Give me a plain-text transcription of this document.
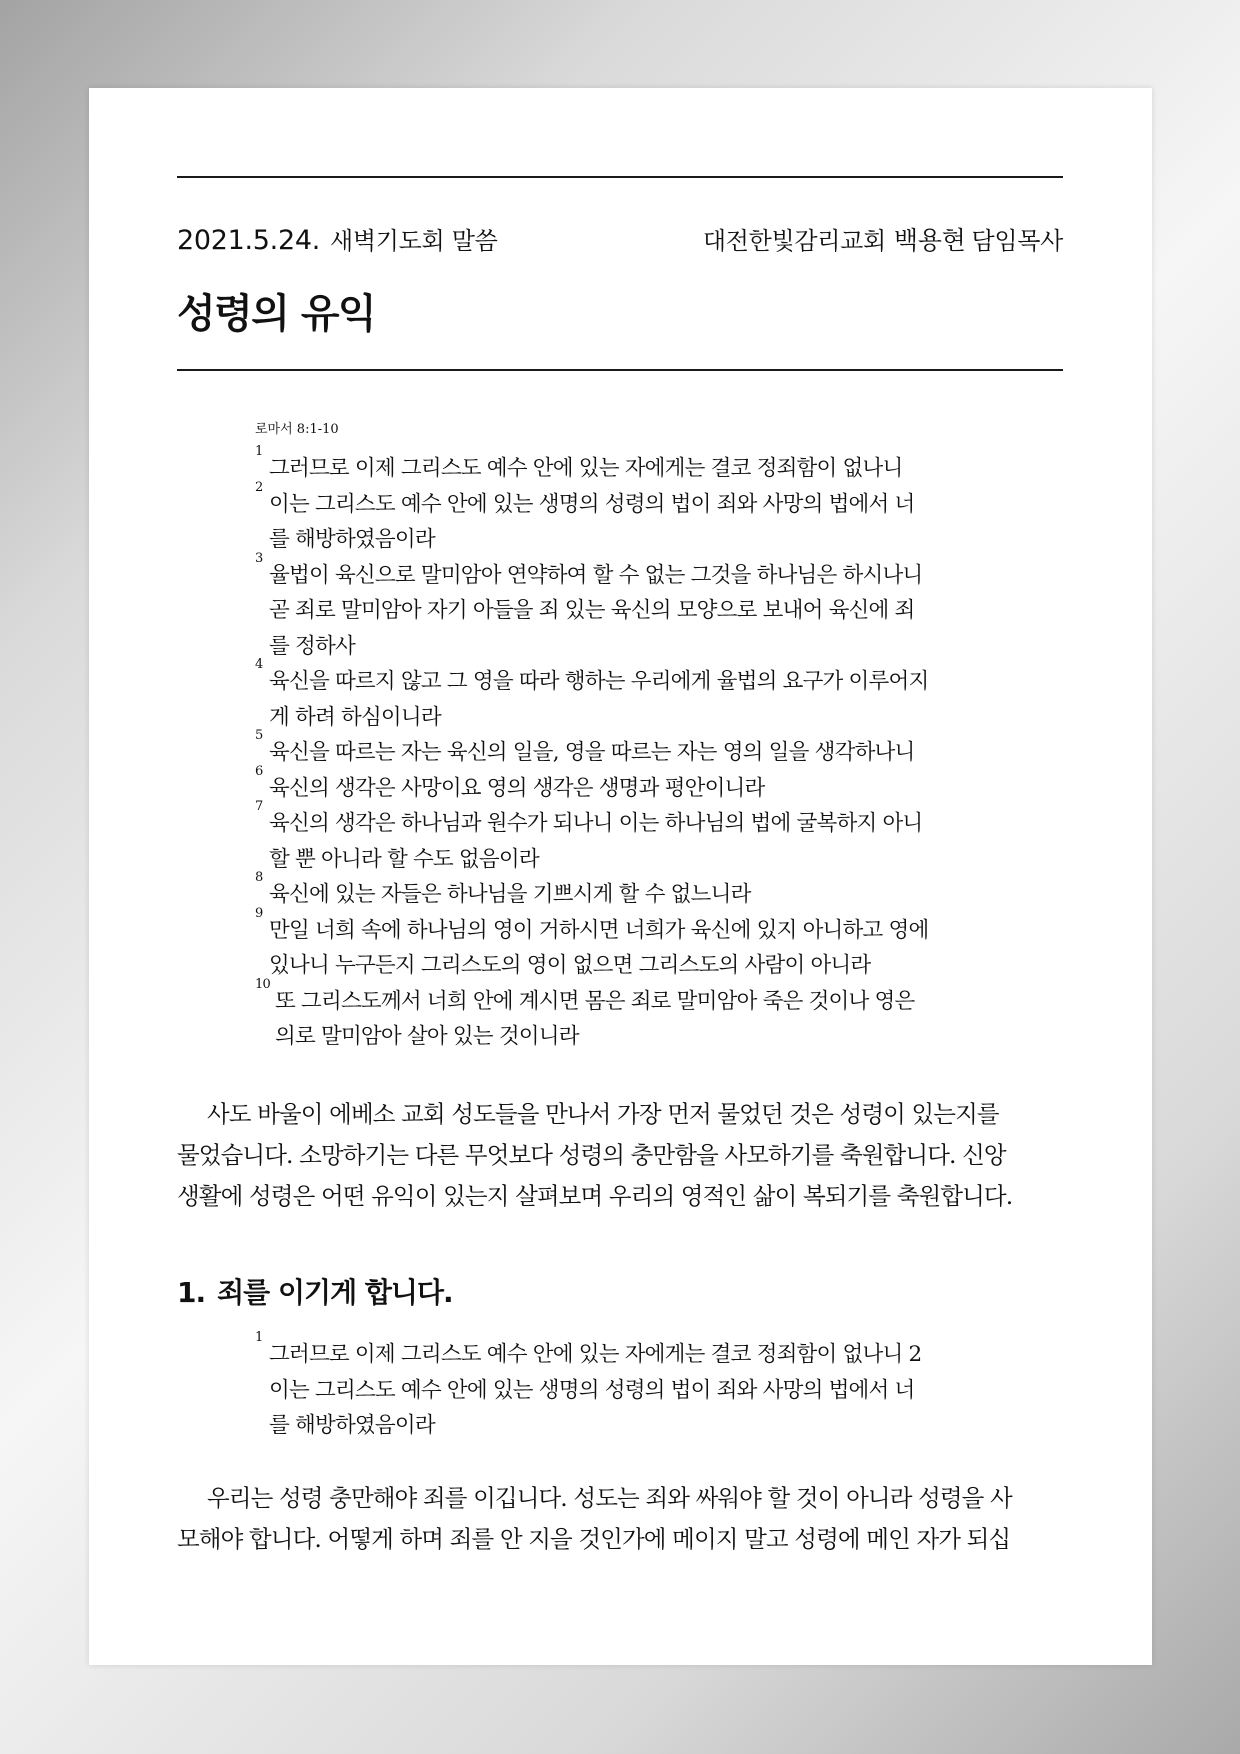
2021.5.24. 새벽기도회 말씀	대전한빛감리교회 백용현 담임목사
성령의 유익
로마서 8:1-10
1
그러므로 이제 그리스도 예수 안에 있는 자에게는 결코 정죄함이 없나니
2
이는 그리스도 예수 안에 있는 생명의 성령의 법이 죄와 사망의 법에서 너
를 해방하였음이라
3
율법이 육신으로 말미암아 연약하여 할 수 없는 그것을 하나님은 하시나니
곧 죄로 말미암아 자기 아들을 죄 있는 육신의 모양으로 보내어 육신에 죄
를 정하사
4
육신을 따르지 않고 그 영을 따라 행하는 우리에게 율법의 요구가 이루어지
게 하려 하심이니라
5
육신을 따르는 자는 육신의 일을, 영을 따르는 자는 영의 일을 생각하나니
6
육신의 생각은 사망이요 영의 생각은 생명과 평안이니라
7
육신의 생각은 하나님과 원수가 되나니 이는 하나님의 법에 굴복하지 아니
할 뿐 아니라 할 수도 없음이라
8
육신에 있는 자들은 하나님을 기쁘시게 할 수 없느니라
9
만일 너희 속에 하나님의 영이 거하시면 너희가 육신에 있지 아니하고 영에
있나니 누구든지 그리스도의 영이 없으면 그리스도의 사람이 아니라
10
또 그리스도께서 너희 안에 계시면 몸은 죄로 말미암아 죽은 것이나 영은
의로 말미암아 살아 있는 것이니라
사도 바울이 에베소 교회 성도들을 만나서 가장 먼저 물었던 것은 성령이 있는지를
물었습니다. 소망하기는 다른 무엇보다 성령의 충만함을 사모하기를 축원합니다. 신앙
생활에 성령은 어떤 유익이 있는지 살펴보며 우리의 영적인 삶이 복되기를 축원합니다.
1. 죄를 이기게 합니다.
1
그러므로 이제 그리스도 예수 안에 있는 자에게는 결코 정죄함이 없나니 2
이는 그리스도 예수 안에 있는 생명의 성령의 법이 죄와 사망의 법에서 너
를 해방하였음이라
우리는 성령 충만해야 죄를 이깁니다. 성도는 죄와 싸워야 할 것이 아니라 성령을 사
모해야 합니다. 어떻게 하며 죄를 안 지을 것인가에 메이지 말고 성령에 메인 자가 되십
